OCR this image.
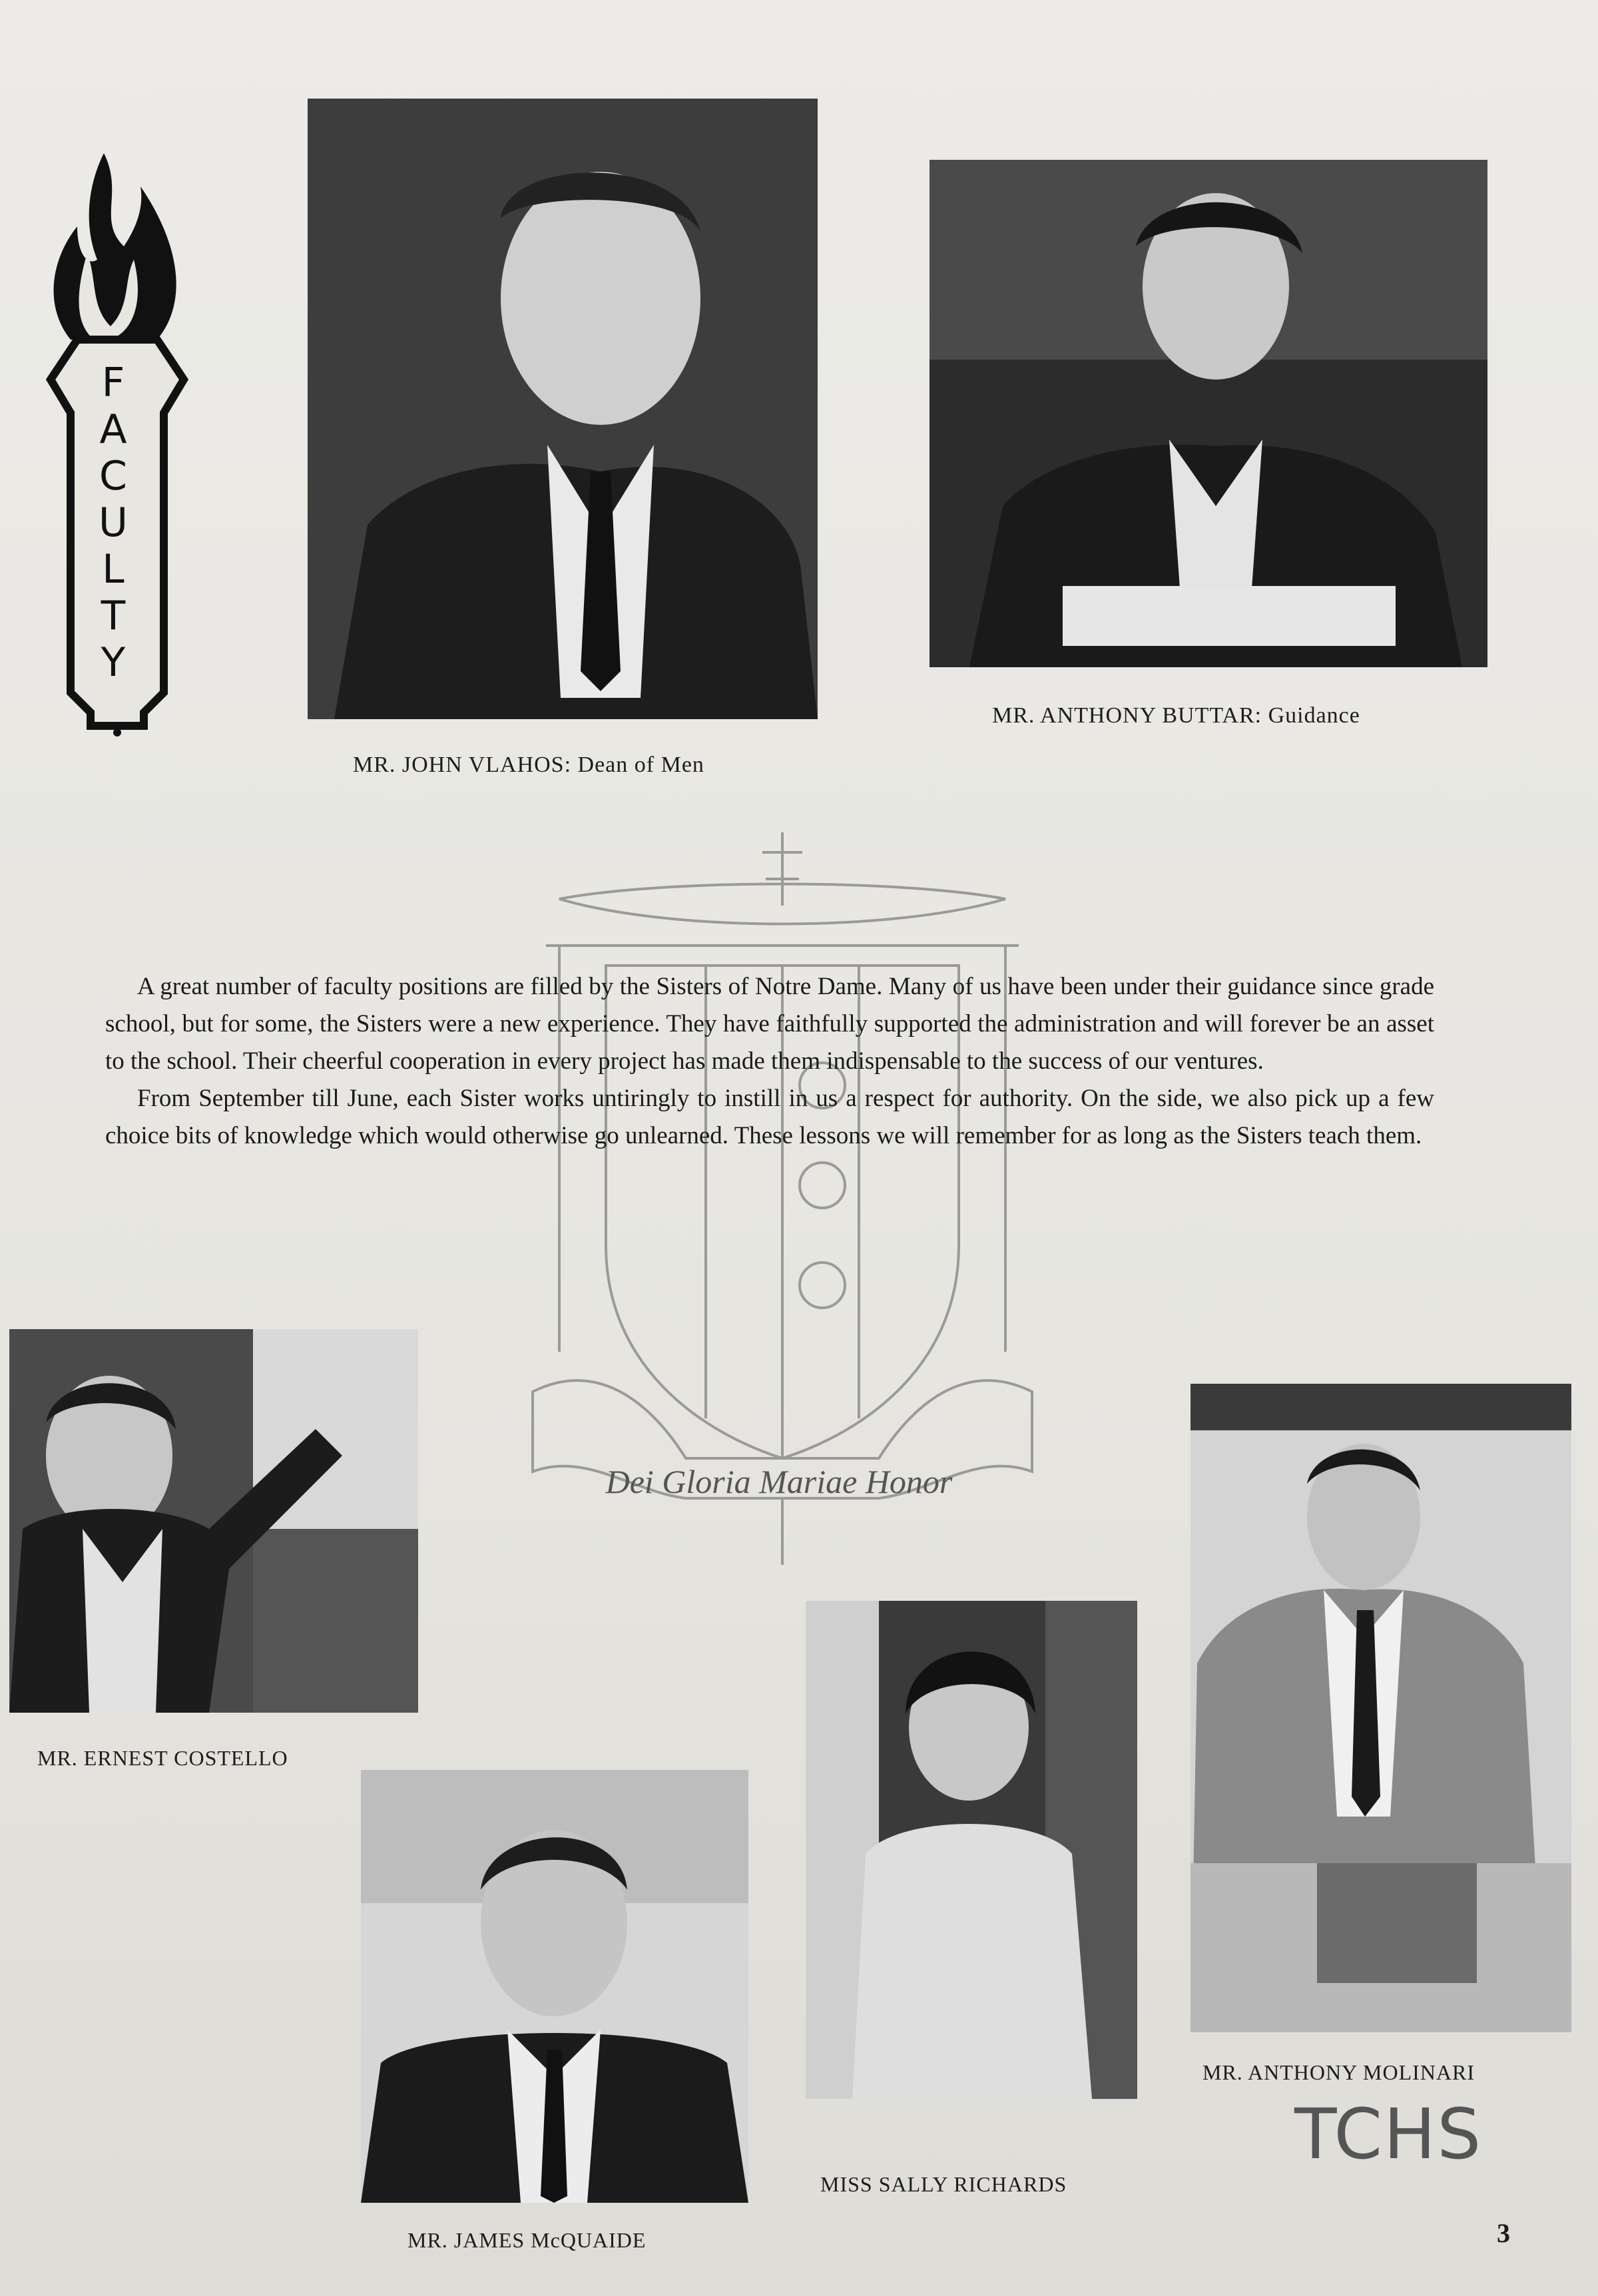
FACULTY
MR. JOHN VLAHOS: Dean of Men
MR. ANTHONY BUTTAR: Guidance
Dei Gloria Mariae Honor

A great number of faculty positions are filled by the Sisters of Notre Dame. Many of us have been under their guidance since grade school, but for some, the Sisters were a new experience. They have faithfully supported the administration and will forever be an asset to the school. Their cheerful cooperation in every project has made them indispensable to the success of our ventures.

From September till June, each Sister works untiringly to instill in us a respect for authority. On the side, we also pick up a few choice bits of knowledge which would otherwise go unlearned. These lessons we will remember for as long as the Sisters teach them.

MR. ERNEST COSTELLO
MR. ANTHONY MOLINARI
MISS SALLY RICHARDS
MR. JAMES McQUAIDE	3
TCHS
